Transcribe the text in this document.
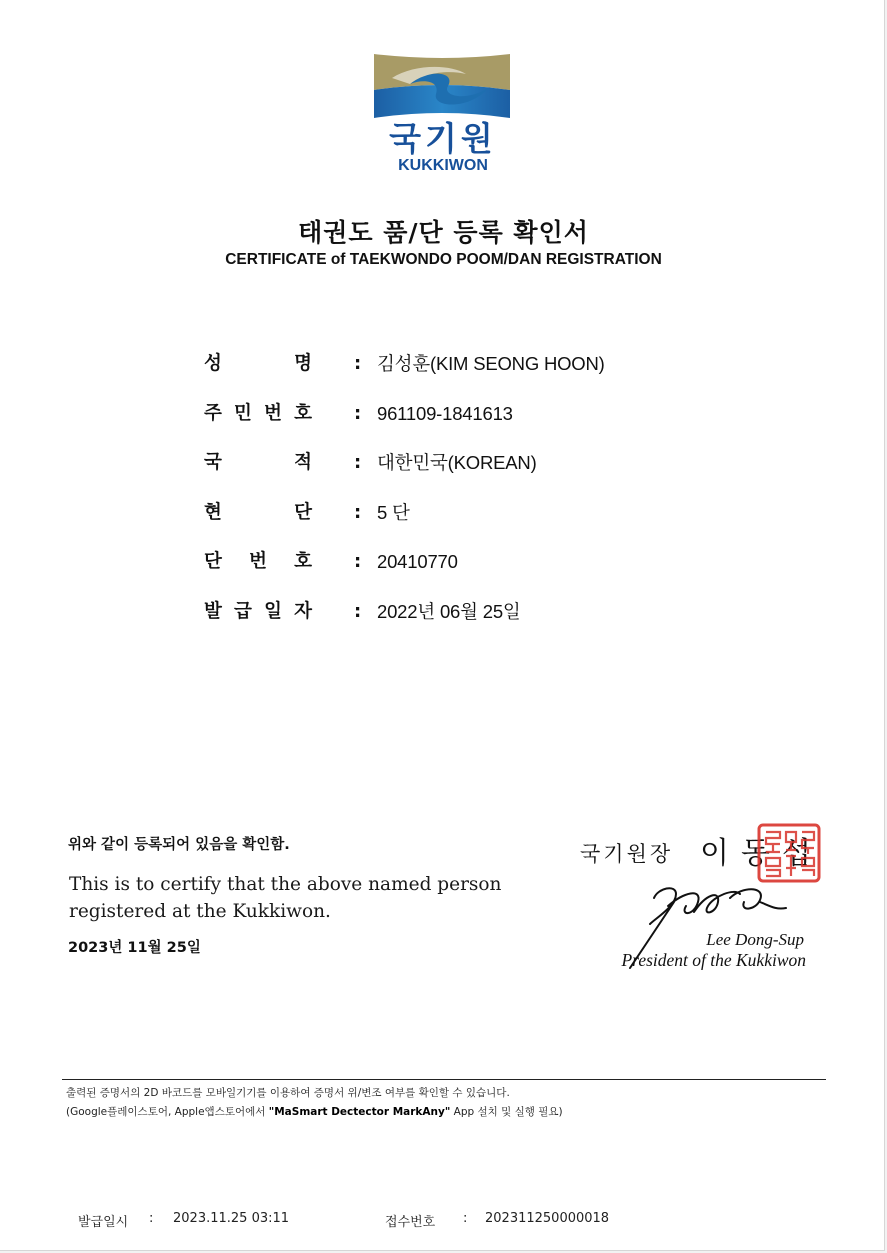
국기원
KUKKIWON
태권도 품/단 등록 확인서
CERTIFICATE of TAEKWONDO POOM/DAN REGISTRATION
성	명 : 김성훈(KIM SEONG HOON)
주 민 번 호 : 961109-1841613
국	적 : 대한민국(KOREAN)
현	단 : 5 단
단 번 호 : 20410770
발 급 일 자 : 2022년 06월 25일
위와 같이 등록되어 있음을 확인함.
This is to certify that the above named person
registered at the Kukkiwon.
2023년 11월 25일
국기원장 이동섭
Lee Dong-Sup
President of the Kukkiwon
출력된 증명서의 2D 바코드를 모바일기기를 이용하여 증명서 위/변조 여부를 확인할 수 있습니다.
(Google플레이스토어, Apple앱스토어에서 "MaSmart Dectector MarkAny" App 설치 및 실행 필요)
발급일시 : 2023.11.25 03:11	접수번호 : 202311250000018
